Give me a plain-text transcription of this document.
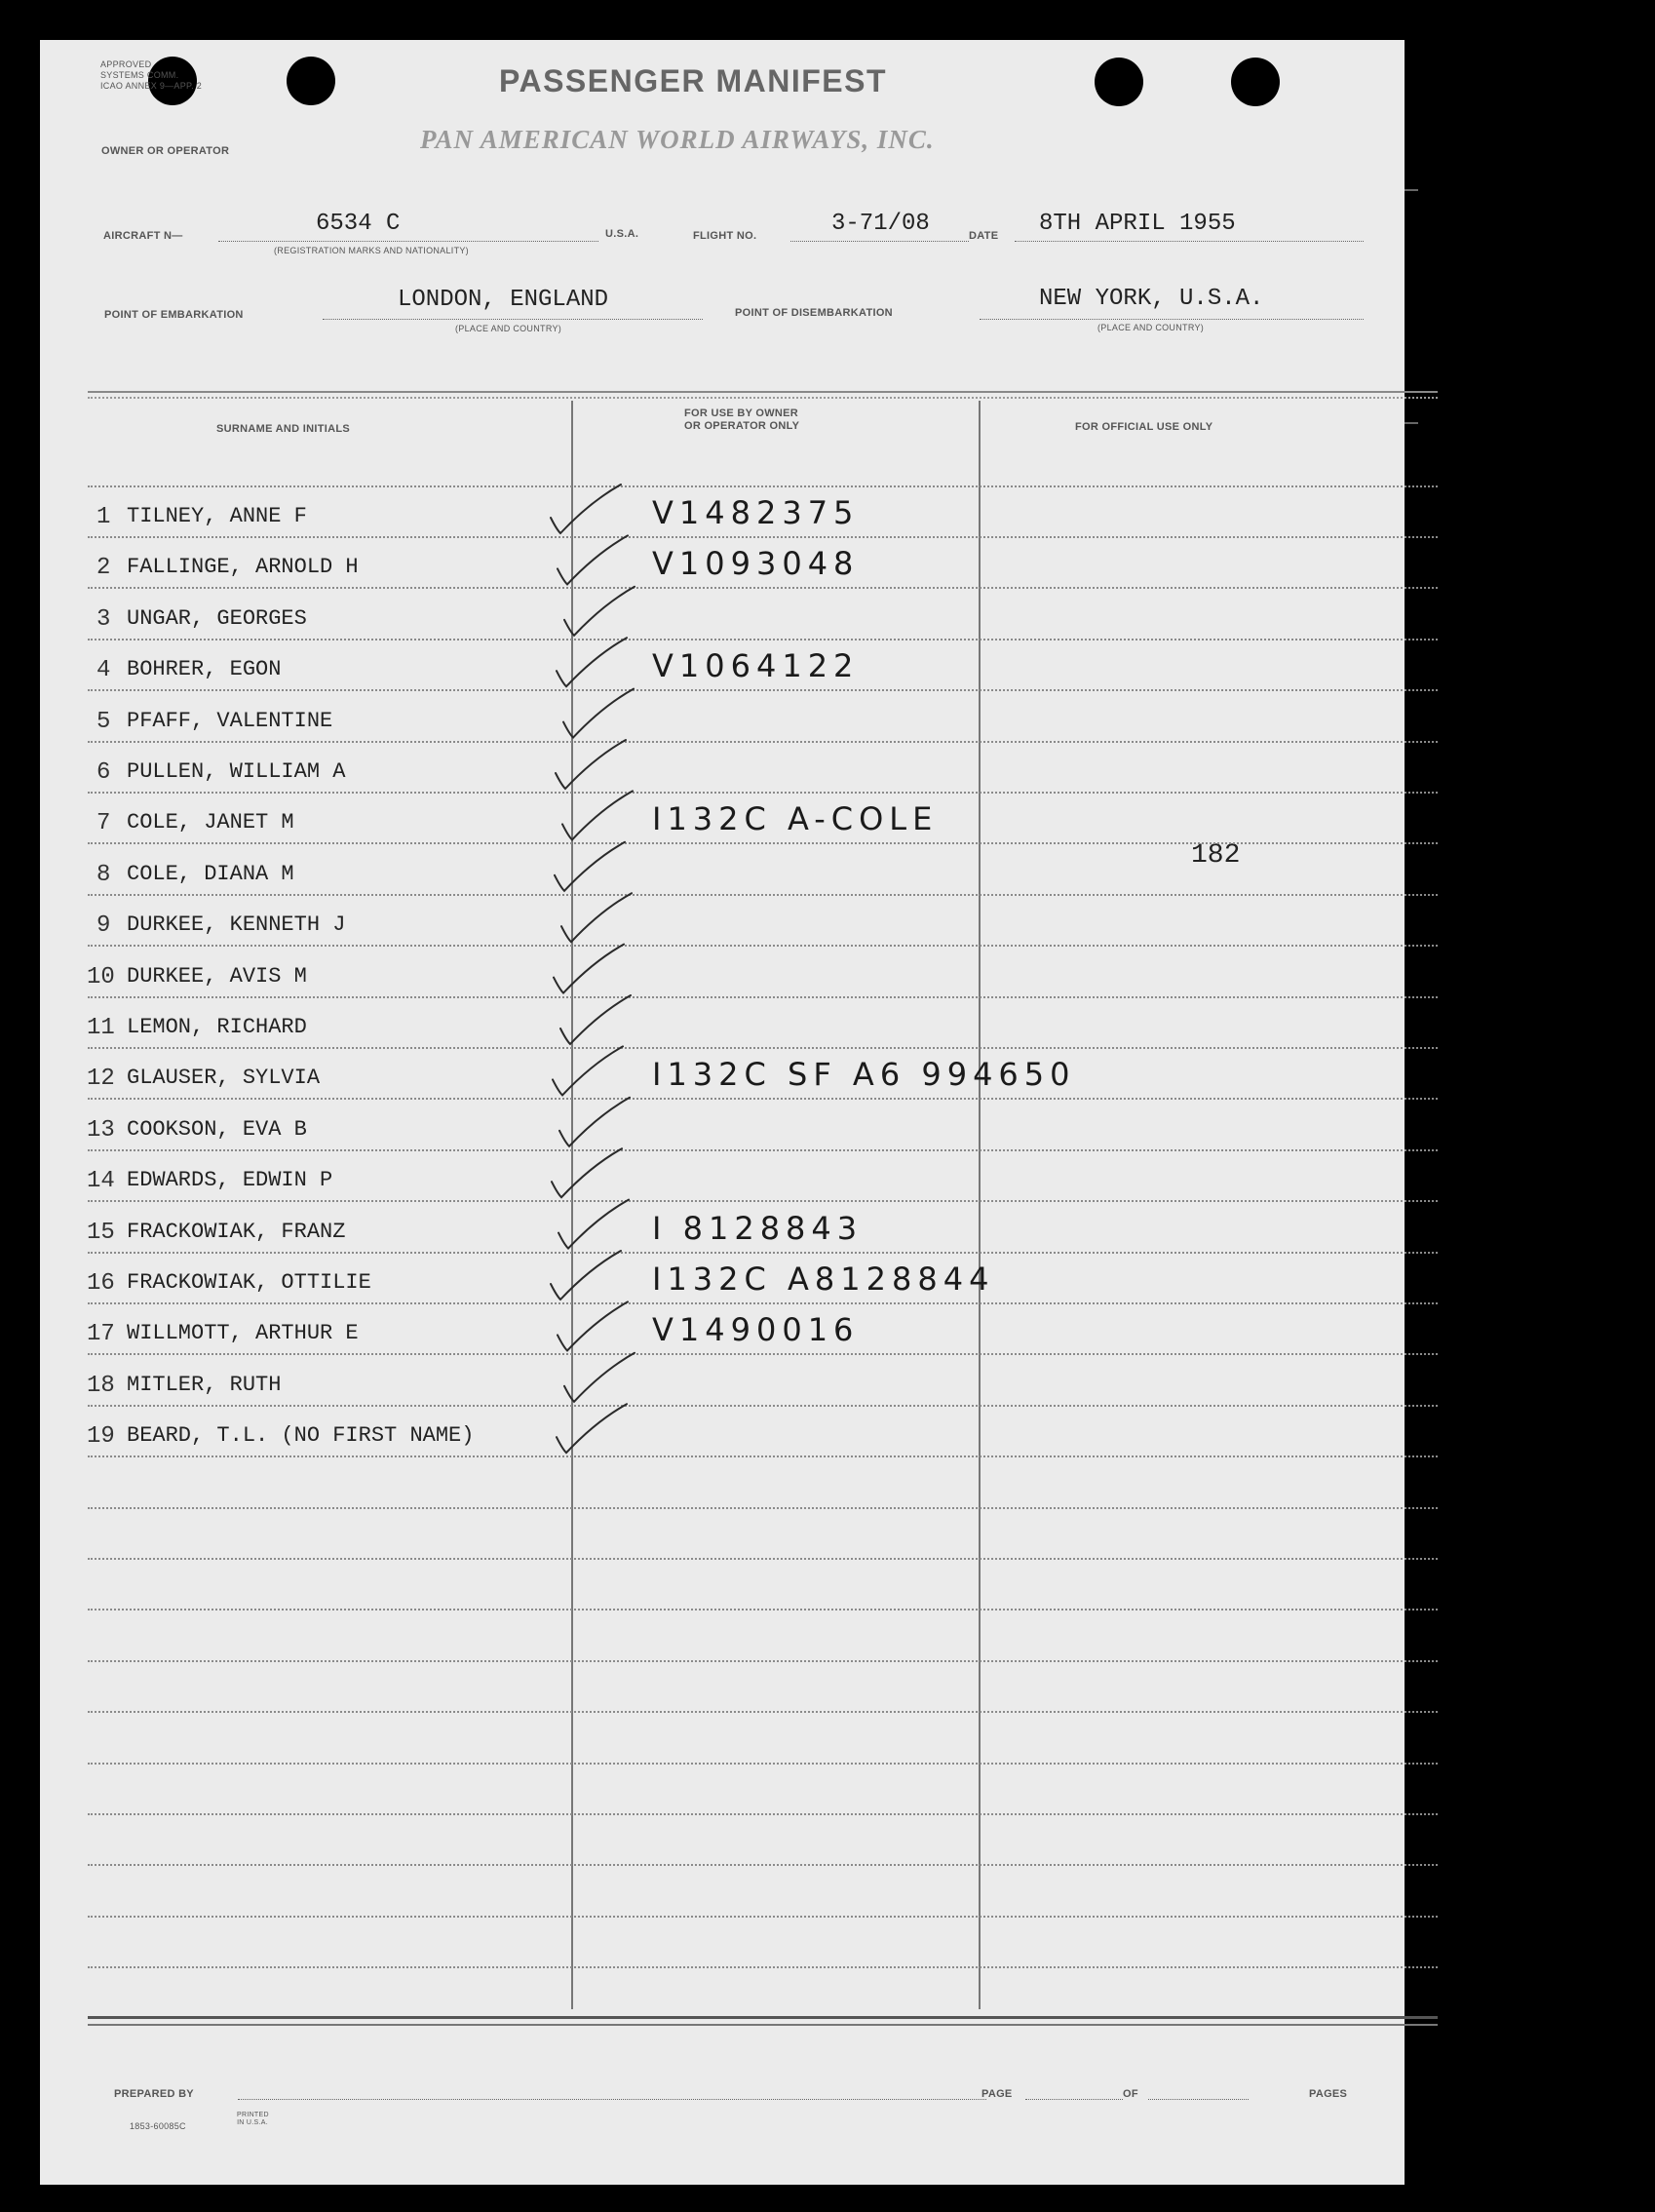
APPROVED
SYSTEMS COMM.
ICAO ANNEX 9—APP. 2	PASSENGER MANIFEST
OWNER OR OPERATOR	PAN AMERICAN WORLD AIRWAYS, INC.
AIRCRAFT N—	6534 C
(REGISTRATION MARKS AND NATIONALITY)
U.S.A.	FLIGHT NO.	3-71/08	DATE 8TH APRIL 1955
POINT OF EMBARKATION
LONDON, ENGLAND
(PLACE AND COUNTRY)
POINT OF DISEMBARKATION
NEW YORK, U.S.A.
(PLACE AND COUNTRY)
SURNAME AND INITIALS
FOR USE BY OWNER
OR OPERATOR ONLY	FOR OFFICIAL USE ONLY
PREPARED BY	PAGE	OF	PAGES
1853-60085C
PRINTED IN U.S.A.
182
1 TILNEY, ANNE F	V1482375
2 FALLINGE, ARNOLD H	V1093048
3 UNGAR, GEORGES
4 BOHRER, EGON	V1064122
5 PFAFF, VALENTINE
6 PULLEN, WILLIAM A
7 COLE, JANET M	I132C A-COLE
8 COLE, DIANA M
9 DURKEE, KENNETH J
10 DURKEE, AVIS M
11 LEMON, RICHARD
12 GLAUSER, SYLVIA	I132C SF A6 994650
13 COOKSON, EVA B
14 EDWARDS, EDWIN P
15 FRACKOWIAK, FRANZ	I 8128843
16 FRACKOWIAK, OTTILIE	I132C A8128844
17 WILLMOTT, ARTHUR E	V1490016
18 MITLER, RUTH
19 BEARD, T.L. (NO FIRST NAME)
